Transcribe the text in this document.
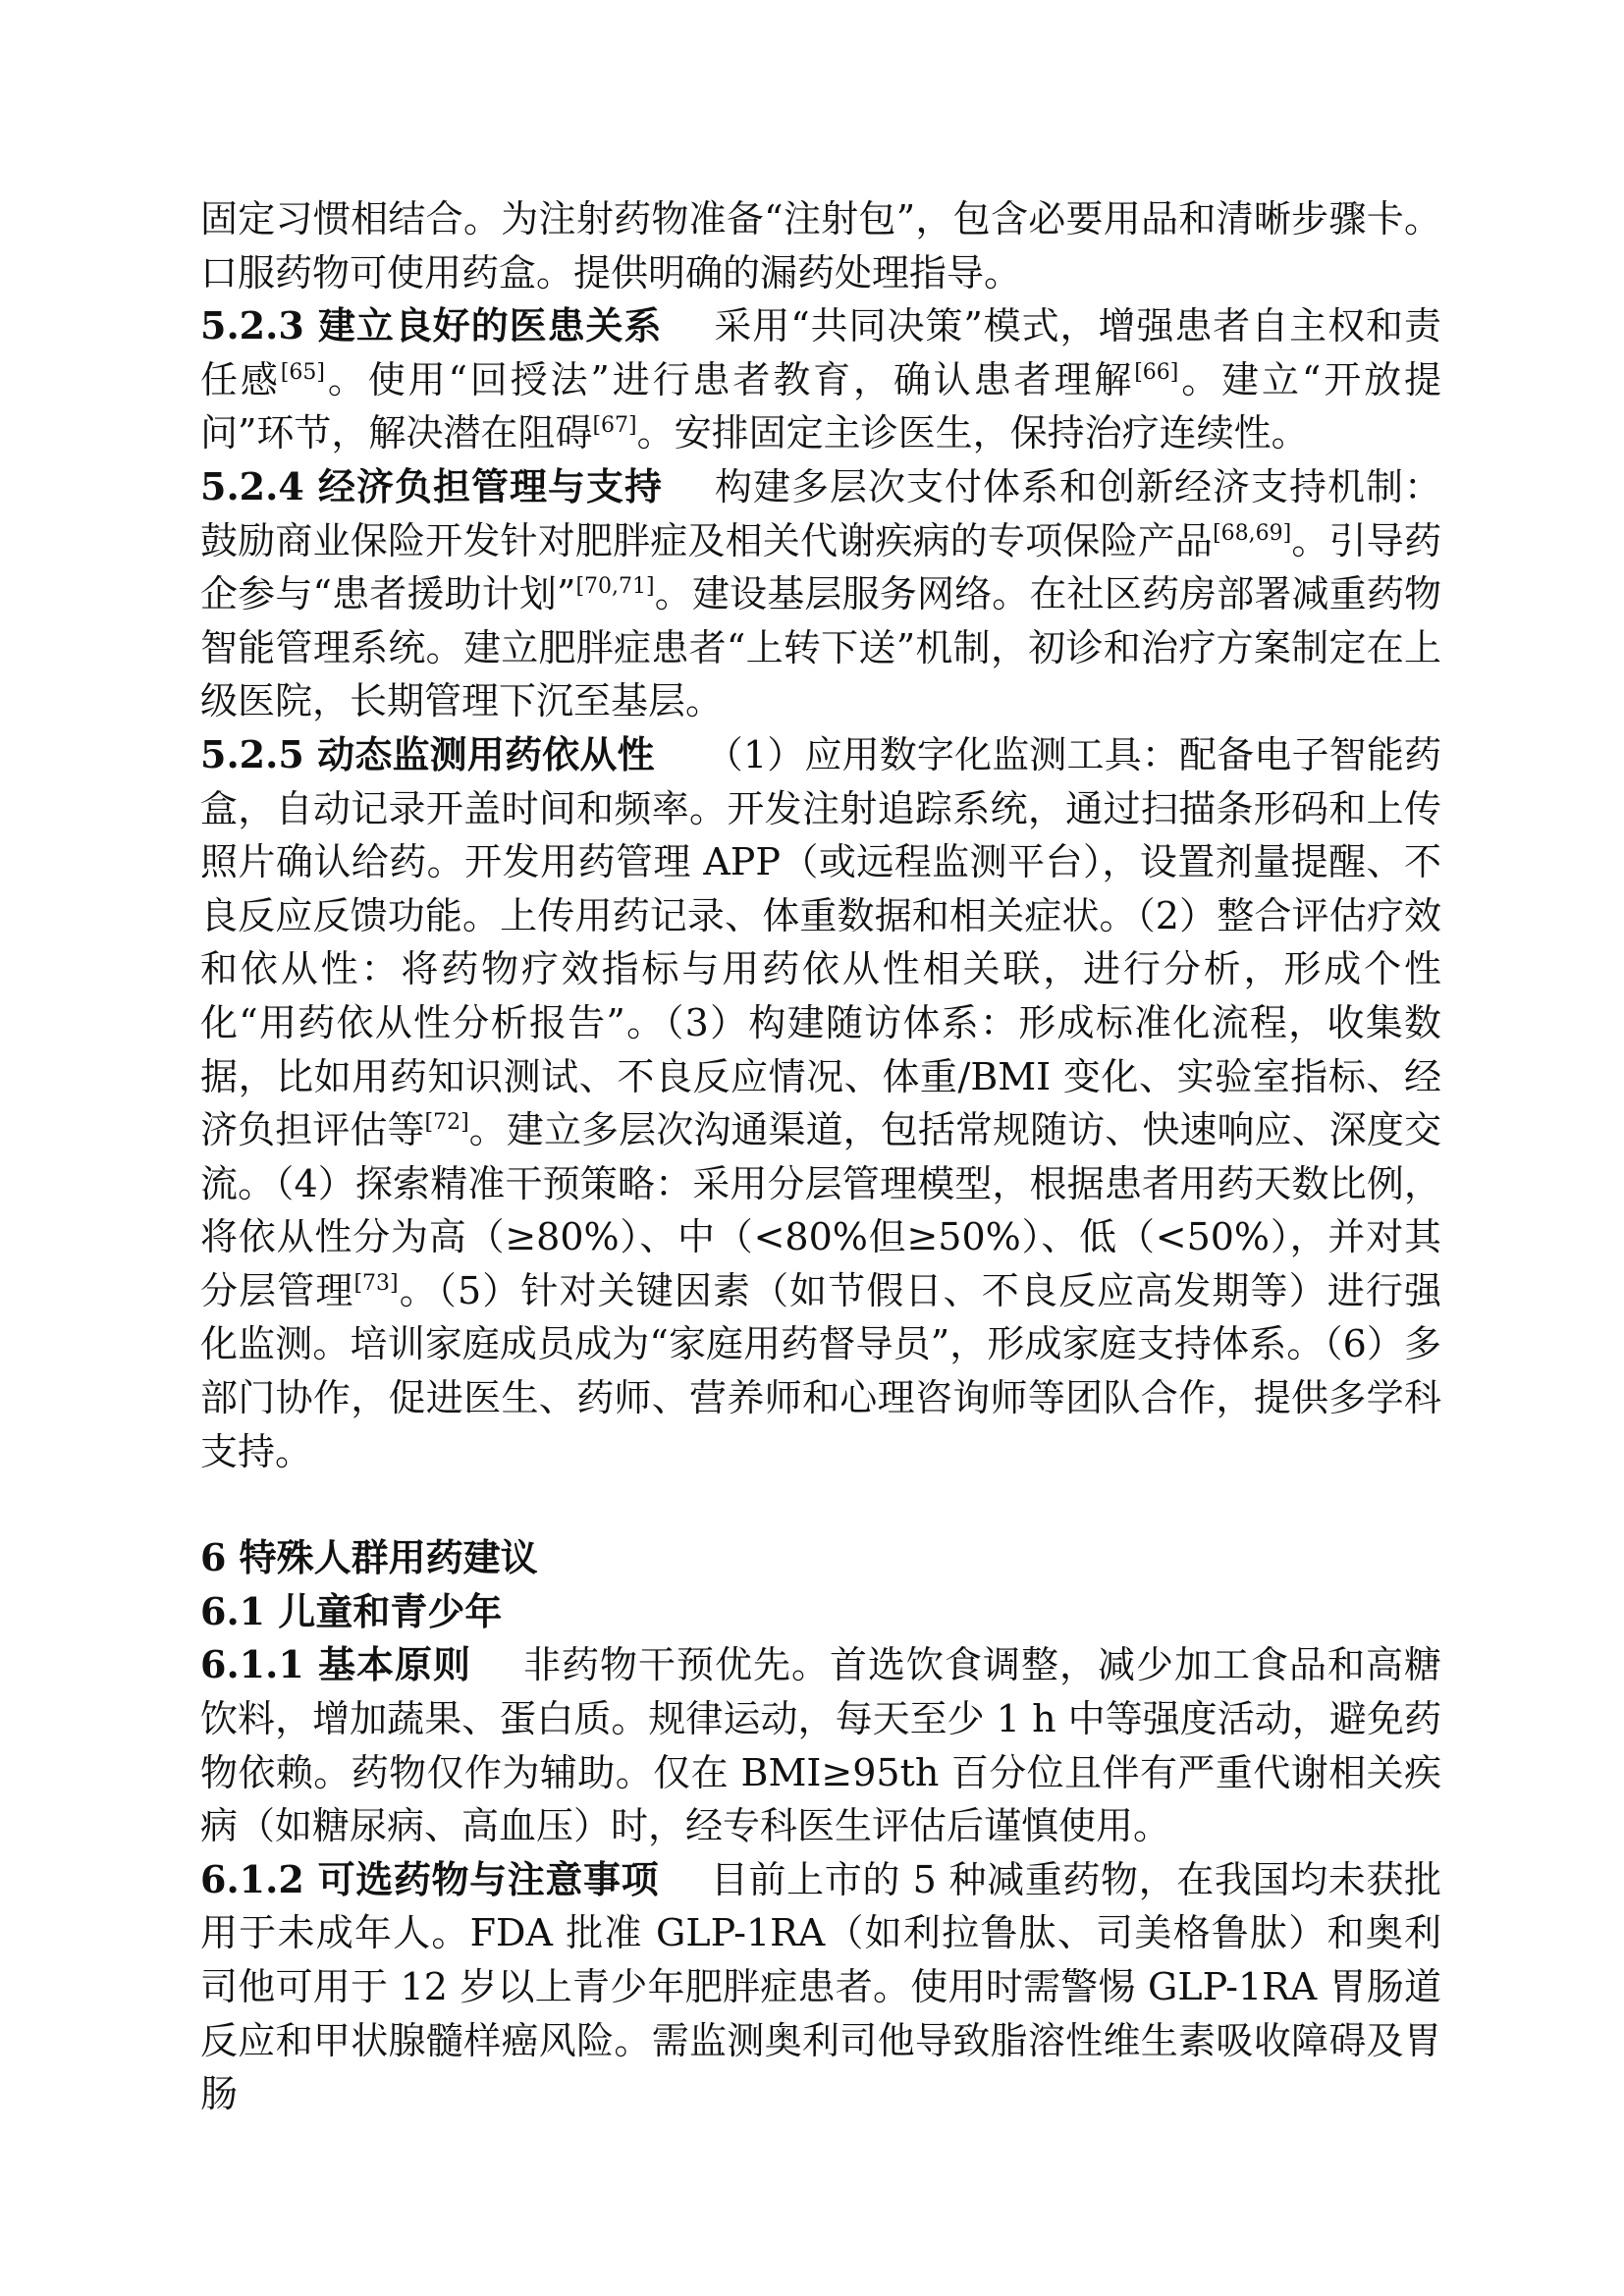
固定习惯相结合。为注射药物准备“注射包”，包含必要用品和清晰步骤卡。口服药物可使用药盒。提供明确的漏药处理指导。

5.2.3 建立良好的医患关系 采用“共同决策”模式，增强患者自主权和责任感[65]。使用“回授法”进行患者教育，确认患者理解[66]。建立“开放提问”环节，解决潜在阻碍[67]。安排固定主诊医生，保持治疗连续性。

5.2.4 经济负担管理与支持 构建多层次支付体系和创新经济支持机制：鼓励商业保险开发针对肥胖症及相关代谢疾病的专项保险产品[68,69]。引导药企参与“患者援助计划”[70,71]。建设基层服务网络。在社区药房部署减重药物智能管理系统。建立肥胖症患者“上转下送”机制，初诊和治疗方案制定在上级医院，长期管理下沉至基层。

5.2.5 动态监测用药依从性 （1）应用数字化监测工具：配备电子智能药盒，自动记录开盖时间和频率。开发注射追踪系统，通过扫描条形码和上传照片确认给药。开发用药管理 APP（或远程监测平台），设置剂量提醒、不良反应反馈功能。上传用药记录、体重数据和相关症状。（2）整合评估疗效和依从性：将药物疗效指标与用药依从性相关联，进行分析，形成个性化“用药依从性分析报告”。（3）构建随访体系：形成标准化流程，收集数据，比如用药知识测试、不良反应情况、体重/BMI 变化、实验室指标、经济负担评估等[72]。建立多层次沟通渠道，包括常规随访、快速响应、深度交流。（4）探索精准干预策略：采用分层管理模型，根据患者用药天数比例，将依从性分为高（≥80%）、中（<80%但≥50%）、低（<50%），并对其分层管理[73]。（5）针对关键因素（如节假日、不良反应高发期等）进行强化监测。培训家庭成员成为“家庭用药督导员”，形成家庭支持体系。（6）多部门协作，促进医生、药师、营养师和心理咨询师等团队合作，提供多学科支持。

6 特殊人群用药建议

6.1 儿童和青少年

6.1.1 基本原则 非药物干预优先。首选饮食调整，减少加工食品和高糖饮料，增加蔬果、蛋白质。规律运动，每天至少 1 h 中等强度活动，避免药物依赖。药物仅作为辅助。仅在 BMI≥95th 百分位且伴有严重代谢相关疾病（如糖尿病、高血压）时，经专科医生评估后谨慎使用。

6.1.2 可选药物与注意事项 目前上市的 5 种减重药物，在我国均未获批用于未成年人。FDA 批准 GLP-1RA（如利拉鲁肽、司美格鲁肽）和奥利司他可用于 12 岁以上青少年肥胖症患者。使用时需警惕 GLP-1RA 胃肠道反应和甲状腺髓样癌风险。需监测奥利司他导致脂溶性维生素吸收障碍及胃肠
